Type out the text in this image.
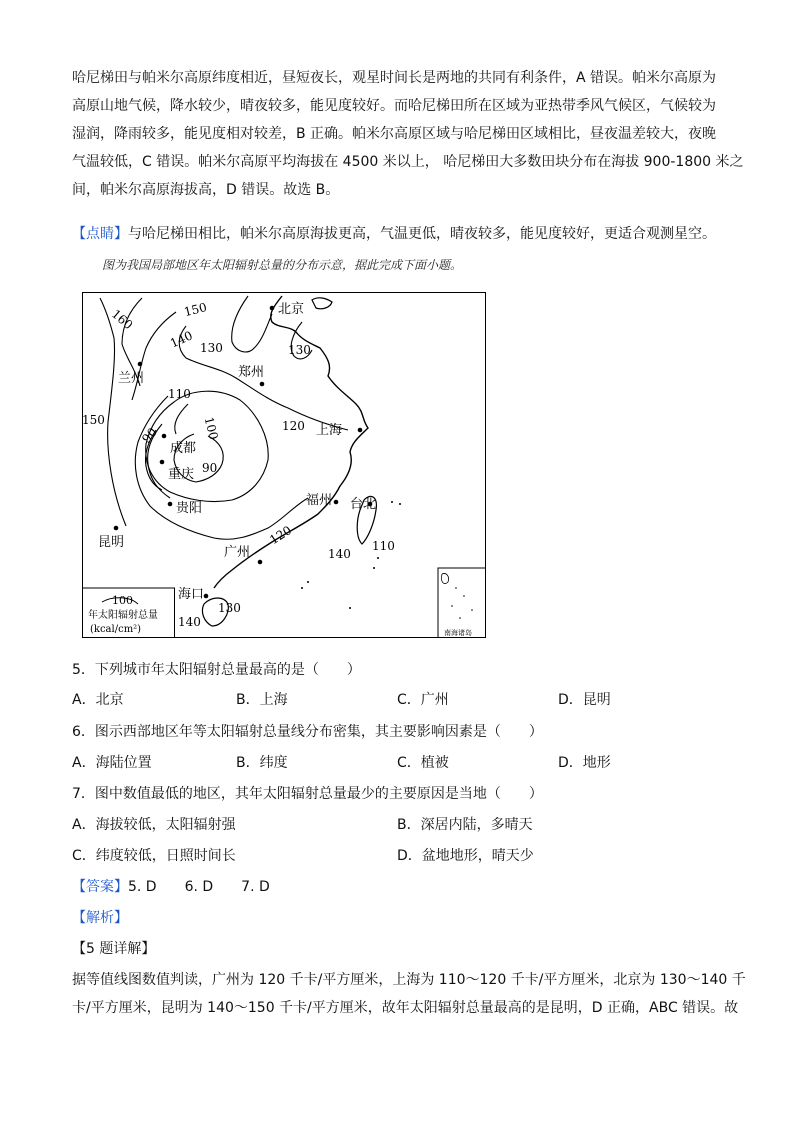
哈尼梯田与帕米尔高原纬度相近，昼短夜长，观星时间长是两地的共同有利条件，A 错误。帕米尔高原为
高原山地气候，降水较少，晴夜较多，能见度较好。而哈尼梯田所在区域为亚热带季风气候区，气候较为
湿润，降雨较多，能见度相对较差，B 正确。帕米尔高原区域与哈尼梯田区域相比，昼夜温差较大，夜晚
气温较低，C 错误。帕米尔高原平均海拔在 4500 米以上， 哈尼梯田大多数田块分布在海拔 900-1800 米之
间，帕米尔高原海拔高，D 错误。故选 B。
【点睛】与哈尼梯田相比，帕米尔高原海拔更高，气温更低，晴夜较多，能见度较好，更适合观测星空。
图为我国局部地区年太阳辐射总量的分布示意，据此完成下面小题。
160	150
140 130	130
110
100
90
90
120
150
120
140
110
130
140
北京
兰州	郑州
上海
成都
重庆
贵阳
昆明
福州 台北
广州
海口
100
年太阳辐射总量
(kcal/cm²)	南海诸岛
5．下列城市年太阳辐射总量最高的是（　　）
A．北京	B．上海	C．广州	D．昆明
6．图示西部地区年等太阳辐射总量线分布密集，其主要影响因素是（　　）
A．海陆位置	B．纬度	C．植被	D．地形
7．图中数值最低的地区，其年太阳辐射总量最少的主要原因是当地（　　）
A．海拔较低，太阳辐射强	B．深居内陆，多晴天
C．纬度较低，日照时间长	D．盆地地形，晴天少
【答案】5. D　　6. D　　7. D
【解析】
【5 题详解】
据等值线图数值判读，广州为 120 千卡/平方厘米，上海为 110～120 千卡/平方厘米，北京为 130～140 千
卡/平方厘米，昆明为 140～150 千卡/平方厘米，故年太阳辐射总量最高的是昆明，D 正确，ABC 错误。故
